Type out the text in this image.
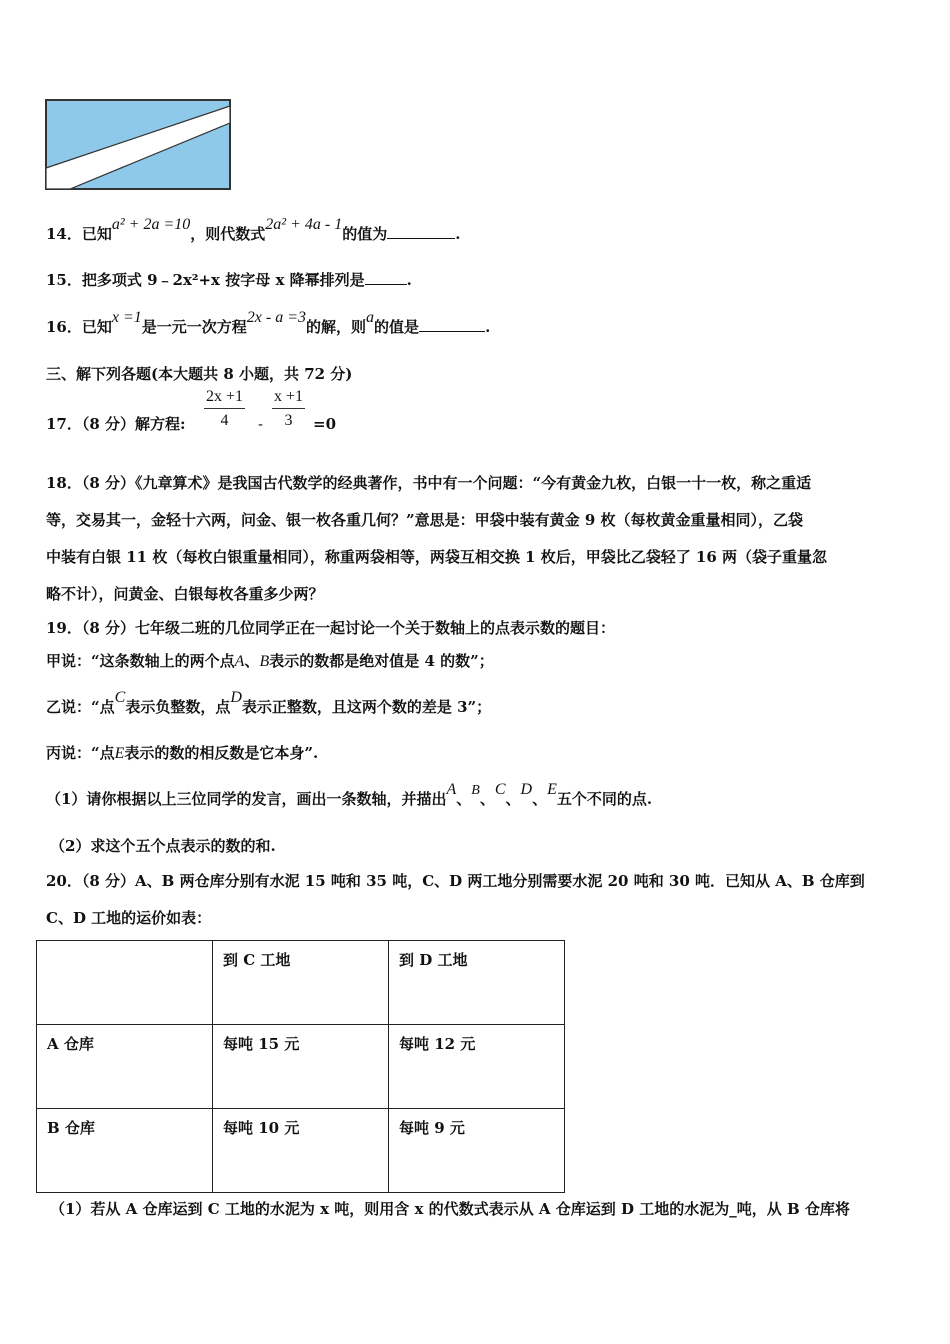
14．已知a² + 2a =10，则代数式2a² + 4a - 1的值为	.
15．把多项式 9﹣2x²+x 按字母 x 降幂排列是	.
16．已知x =1是一元一次方程2x - a =3的解，则a的值是	.
三、解下列各题(本大题共 8 小题，共 72 分)
17．（8 分）解方程: $\frac{2x +1}{4} - \frac{x +1}{3} =0$
18．（8 分）《九章算术》是我国古代数学的经典著作，书中有一个问题：“今有黄金九枚，白银一十一枚，称之重适
等，交易其一，金轻十六两，问金、银一枚各重几何？”意思是：甲袋中装有黄金 9 枚（每枚黄金重量相同），乙袋
中装有白银 11 枚（每枚白银重量相同），称重两袋相等，两袋互相交换 1 枚后，甲袋比乙袋轻了 16 两（袋子重量忽
略不计），问黄金、白银每枚各重多少两？
19．（8 分）七年级二班的几位同学正在一起讨论一个关于数轴上的点表示数的题目：
甲说：“这条数轴上的两个点A、B表示的数都是绝对值是 4 的数”；
乙说：“点C表示负整数，点D表示正整数，且这两个数的差是 3”；
丙说：“点E表示的数的相反数是它本身”.
（1）请你根据以上三位同学的发言，画出一条数轴，并描出A、B、C、D、E五个不同的点.
（2）求这个五个点表示的数的和.
20．（8 分）A、B 两仓库分别有水泥 15 吨和 35 吨，C、D 两工地分别需要水泥 20 吨和 30 吨．已知从 A、B 仓库到
C、D 工地的运价如表：
	到 C 工地	到 D 工地
A 仓库	每吨 15 元	每吨 12 元
B 仓库	每吨 10 元	每吨 9 元
（1）若从 A 仓库运到 C 工地的水泥为 x 吨，则用含 x 的代数式表示从 A 仓库运到 D 工地的水泥为_吨，从 B 仓库将
